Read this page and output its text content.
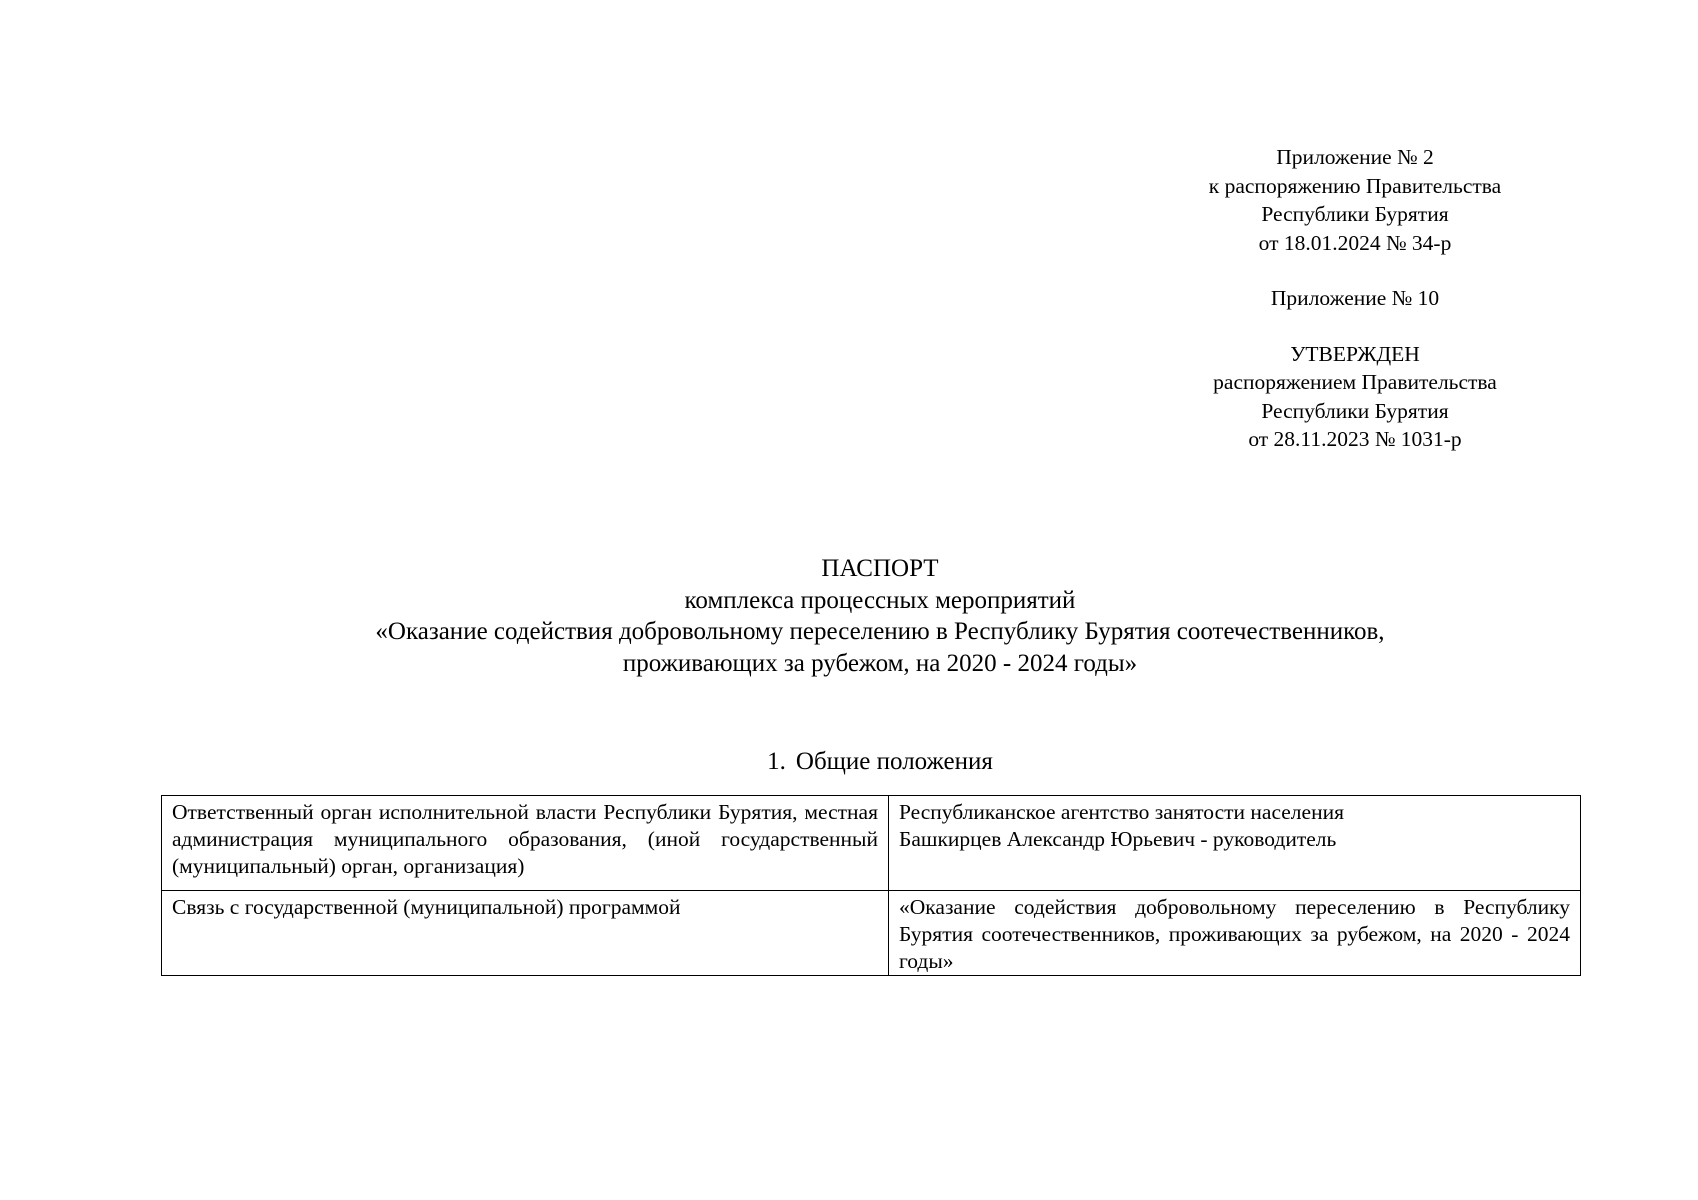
Приложение № 2
к распоряжению Правительства
Республики Бурятия
от 18.01.2024 № 34-р
Приложение № 10
УТВЕРЖДЕН
распоряжением Правительства
Республики Бурятия
от 28.11.2023 № 1031-р
ПАСПОРТ
комплекса процессных мероприятий
«Оказание содействия добровольному переселению в Республику Бурятия соотечественников,
проживающих за рубежом, на 2020 - 2024 годы»
1. Общие положения
Ответственный орган исполнительной власти Республики Бурятия, местная администрация муниципального образования, (иной государственный (муниципальный) орган, организация)	Республиканское агентство занятости населения
Башкирцев Александр Юрьевич - руководитель

Связь с государственной (муниципальной) программой	«Оказание содействия добровольному переселению в Республику Бурятия соотечественников, проживающих за рубежом, на 2020 - 2024 годы»
